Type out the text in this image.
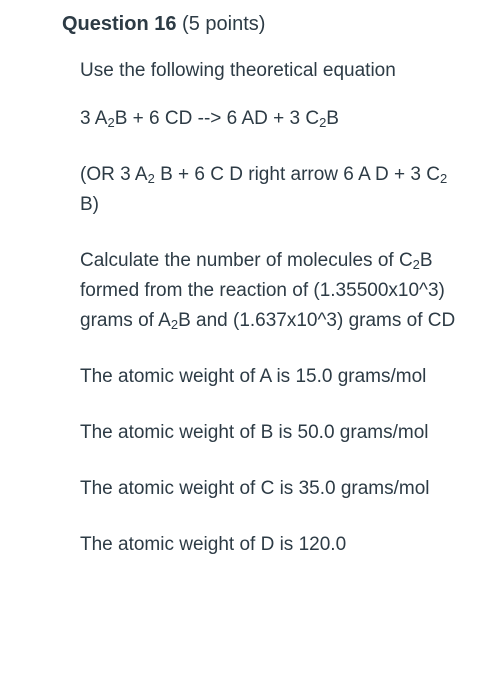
Question 16 (5 points)

Use the following theoretical equation

3 $A_2B + 6$ CD --> 6 AD + 3 $C_2B$

(OR 3 $A_2$ B + 6 C D right arrow 6 A D + 3 $C_2$ B)

Calculate the number of molecules of $C_2B$ formed from the reaction of (1.35500x10^3) grams of $A_2B$ and (1.637x10^3) grams of CD

The atomic weight of A is 15.0 grams/mol

The atomic weight of B is 50.0 grams/mol

The atomic weight of C is 35.0 grams/mol

The atomic weight of D is 120.0
